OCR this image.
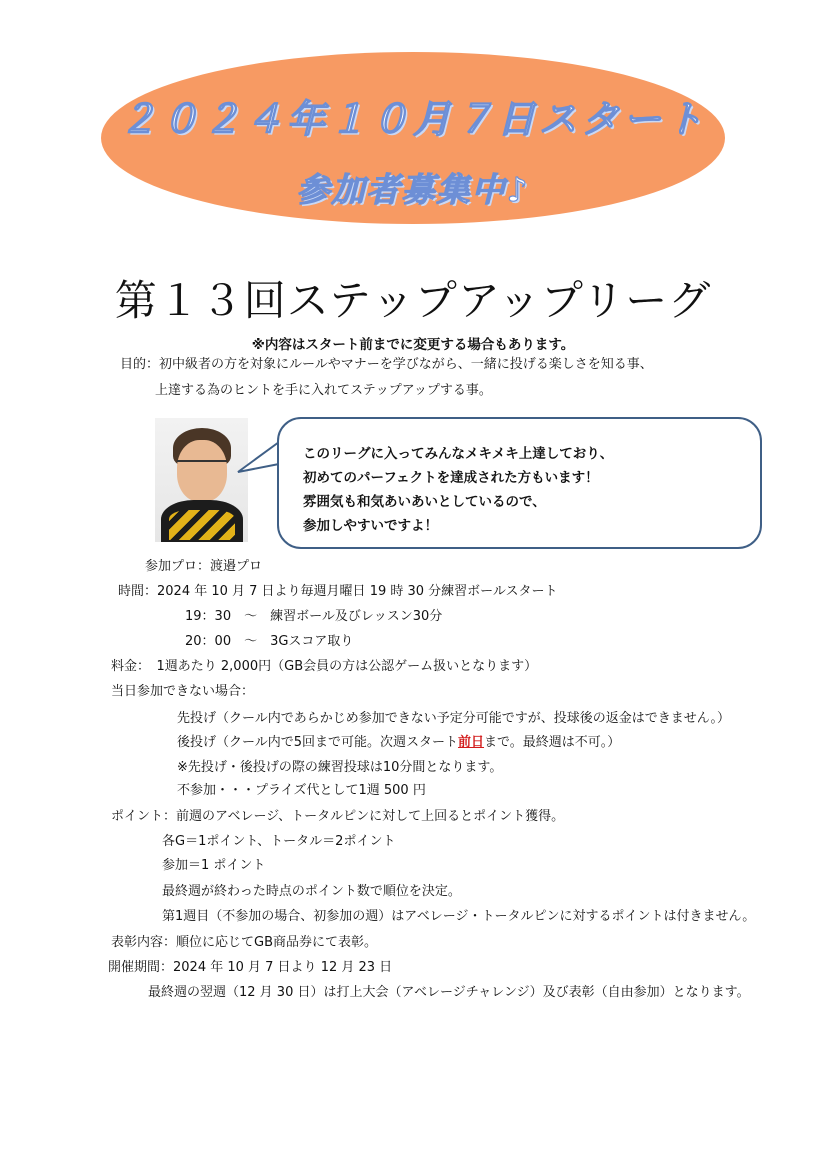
２０２４年１０月７日スタート
参加者募集中♪
第１３回ステップアップリーグ
※内容はスタート前までに変更する場合もあります。
目的：初中級者の方を対象にルールやマナーを学びながら、一緒に投げる楽しさを知る事、
上達する為のヒントを手に入れてステップアップする事。
このリーグに入ってみんなメキメキ上達しており、
初めてのパーフェクトを達成された方もいます！
雰囲気も和気あいあいとしているので、
参加しやすいですよ！
参加プロ：渡邉プロ
時間：2024 年 10 月 7 日より毎週月曜日 19 時 30 分練習ボールスタート
19：30　～　練習ボール及びレッスン30分
20：00　～　3Gスコア取り
料金：　1週あたり 2,000円（GB会員の方は公認ゲーム扱いとなります）
当日参加できない場合：
先投げ（クール内であらかじめ参加できない予定分可能ですが、投球後の返金はできません。）
後投げ（クール内で5回まで可能。次週スタート前日まで。最終週は不可。）
※先投げ・後投げの際の練習投球は10分間となります。
不参加・・・プライズ代として1週 500 円
ポイント：前週のアベレージ、トータルピンに対して上回るとポイント獲得。
各G＝1ポイント、トータル＝2ポイント
参加＝1 ポイント
最終週が終わった時点のポイント数で順位を決定。
第1週目（不参加の場合、初参加の週）はアベレージ・トータルピンに対するポイントは付きません。
表彰内容：順位に応じてGB商品券にて表彰。
開催期間：2024 年 10 月 7 日より 12 月 23 日
最終週の翌週（12 月 30 日）は打上大会（アベレージチャレンジ）及び表彰（自由参加）となります。
